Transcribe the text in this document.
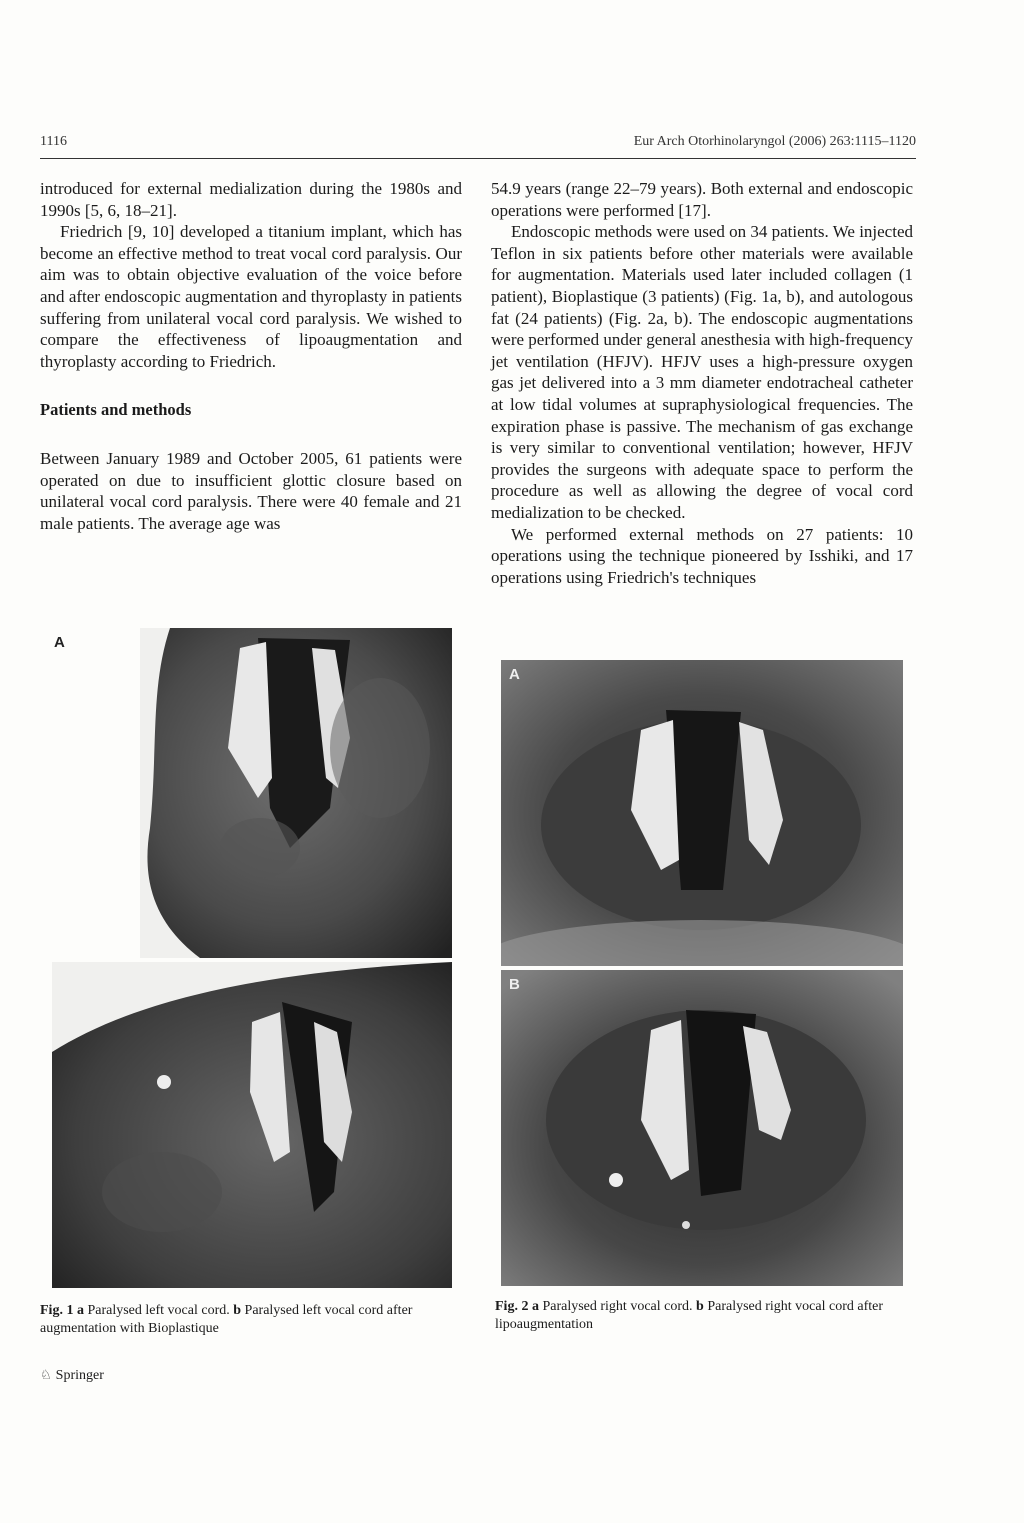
1116	Eur Arch Otorhinolaryngol (2006) 263:1115–1120

introduced for external medialization during the 1980s and 1990s [5, 6, 18–21].

Friedrich [9, 10] developed a titanium implant, which has become an effective method to treat vocal cord paralysis. Our aim was to obtain objective evaluation of the voice before and after endoscopic augmentation and thyroplasty in patients suffering from unilateral vocal cord paralysis. We wished to compare the effectiveness of lipoaugmentation and thyroplasty according to Friedrich.

Patients and methods

Between January 1989 and October 2005, 61 patients were operated on due to insufficient glottic closure based on unilateral vocal cord paralysis. There were 40 female and 21 male patients. The average age was

54.9 years (range 22–79 years). Both external and endoscopic operations were performed [17].

Endoscopic methods were used on 34 patients. We injected Teflon in six patients before other materials were available for augmentation. Materials used later included collagen (1 patient), Bioplastique (3 patients) (Fig. 1a, b), and autologous fat (24 patients) (Fig. 2a, b). The endoscopic augmentations were performed under general anesthesia with high-frequency jet ventilation (HFJV). HFJV uses a high-pressure oxygen gas jet delivered into a 3 mm diameter endotracheal catheter at low tidal volumes at supraphysiological frequencies. The expiration phase is passive. The mechanism of gas exchange is very similar to conventional ventilation; however, HFJV provides the surgeons with adequate space to perform the procedure as well as allowing the degree of vocal cord medialization to be checked.

We performed external methods on 27 patients: 10 operations using the technique pioneered by Isshiki, and 17 operations using Friedrich's techniques

A
Fig. 1 a Paralysed left vocal cord. b Paralysed left vocal cord after augmentation with Bioplastique
A
B
Fig. 2 a Paralysed right vocal cord. b Paralysed right vocal cord after lipoaugmentation
♘ Springer
